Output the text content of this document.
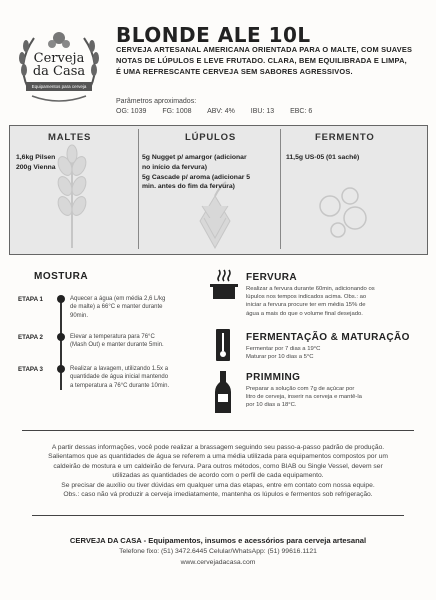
Cerveja
da Casa
Equipamentos para cerveja
BLONDE ALE 10L
CERVEJA ARTESANAL AMERICANA ORIENTADA PARA O MALTE, COM SUAVES NOTAS DE LÚPULOS E LEVE FRUTADO. CLARA, BEM EQUILIBRADA E LIMPA, É UMA REFRESCANTE CERVEJA SEM SABORES AGRESSIVOS.
Parâmetros aproximados:
OG: 1039 FG: 1008 ABV: 4% IBU: 13 EBC: 6
MALTES
1,6kg Pilsen
200g Vienna
LÚPULOS
5g Nugget p/ amargor (adicionar
no início da fervura)
5g Cascade p/ aroma (adicionar 5
min. antes do fim da fervura)
FERMENTO
11,5g US-05 (01 sachê)
MOSTURA
ETAPA 1	Aquecer a água (em média 2,6 L/kg
de malte) a 66°C e manter durante
90min.
ETAPA 2	Elevar a temperatura para 76°C
(Mash Out) e manter durante 5min.
ETAPA 3	Realizar a lavagem, utilizando 1.5x a
quantidade de água inicial mantendo
a temperatura a 76°C durante 10min.
FERVURA
Realizar a fervura durante 60min, adicionando os
lúpulos nos tempos indicados acima. Obs.: ao
iniciar a fervura procure ter em média 15% de
água a mais do que o volume final desejado.
FERMENTAÇÃO & MATURAÇÃO
Fermentar por 7 dias a 19°C
Maturar por 10 dias a 5°C
PRIMMING
Preparar a solução com 7g de açúcar por
litro de cerveja, inserir na cerveja e mantê-la
por 10 dias a 18°C.
A partir dessas informações, você pode realizar a brassagem seguindo seu passo-a-passo padrão de produção.
Salientamos que as quantidades de água se referem a uma média utilizada para equipamentos compostos por um
caldeirão de mostura e um caldeirão de fervura. Para outros métodos, como BIAB ou Single Vessel, devem ser
utilizadas as quantidades de acordo com o perfil de cada equipamento.
Se precisar de auxílio ou tiver dúvidas em qualquer uma das etapas, entre em contato com nossa equipe.
Obs.: caso não vá produzir a cerveja imediatamente, mantenha os lúpulos e fermentos sob refrigeração.
CERVEJA DA CASA - Equipamentos, insumos e acessórios para cerveja artesanal
Telefone fixo: (51) 3472.6445 Celular/WhatsApp: (51) 99616.1121
www.cervejadacasa.com
